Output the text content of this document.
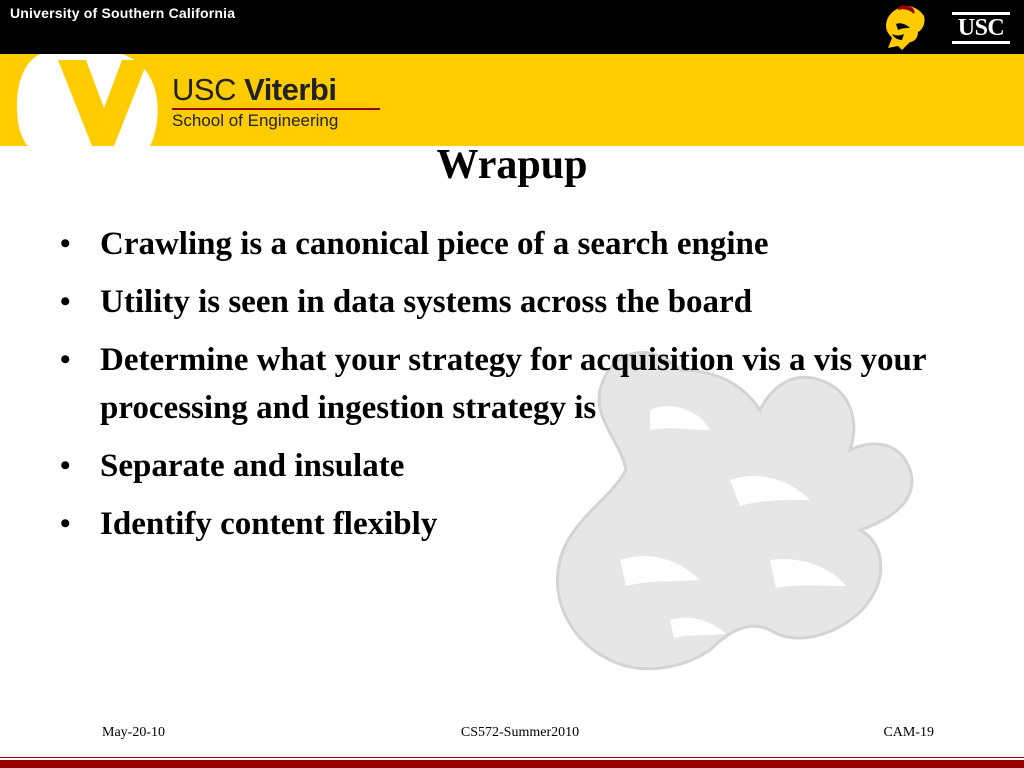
University of Southern California
USC
USC Viterbi
School of Engineering
Wrapup
• Crawling is a canonical piece of a search engine
• Utility is seen in data systems across the board
• Determine what your strategy for acquisition vis a vis your processing and ingestion strategy is
• Separate and insulate
• Identify content flexibly
May-20-10	CS572-Summer2010	CAM-19
